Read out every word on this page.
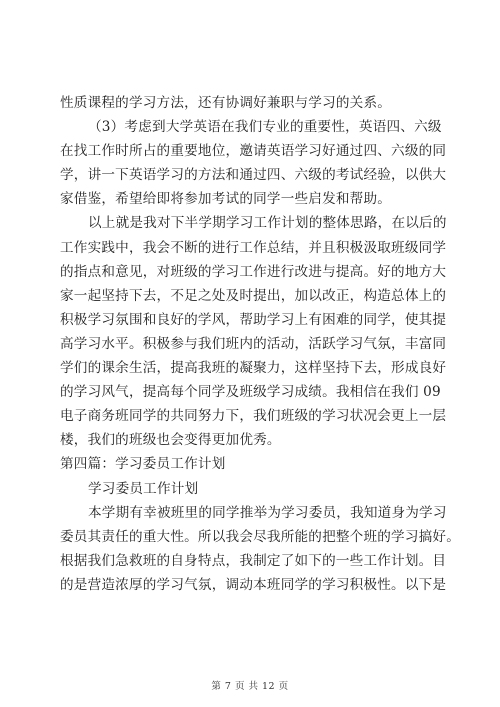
性质课程的学习方法，还有协调好兼职与学习的关系。
（3）考虑到大学英语在我们专业的重要性，英语四、六级
在找工作时所占的重要地位，邀请英语学习好通过四、六级的同
学，讲一下英语学习的方法和通过四、六级的考试经验，以供大
家借鉴，希望给即将参加考试的同学一些启发和帮助。
以上就是我对下半学期学习工作计划的整体思路，在以后的
工作实践中，我会不断的进行工作总结，并且积极汲取班级同学
的指点和意见，对班级的学习工作进行改进与提高。好的地方大
家一起坚持下去，不足之处及时提出，加以改正，构造总体上的
积极学习氛围和良好的学风，帮助学习上有困难的同学，使其提
高学习水平。积极参与我们班内的活动，活跃学习气氛，丰富同
学们的课余生活，提高我班的凝聚力，这样坚持下去，形成良好
的学习风气，提高每个同学及班级学习成绩。我相信在我们 09
电子商务班同学的共同努力下，我们班级的学习状况会更上一层
楼，我们的班级也会变得更加优秀。
第四篇：学习委员工作计划
学习委员工作计划
本学期有幸被班里的同学推举为学习委员，我知道身为学习
委员其责任的重大性。所以我会尽我所能的把整个班的学习搞好。
根据我们急救班的自身特点，我制定了如下的一些工作计划。目
的是营造浓厚的学习气氛，调动本班同学的学习积极性。以下是
第 7 页 共 12 页
